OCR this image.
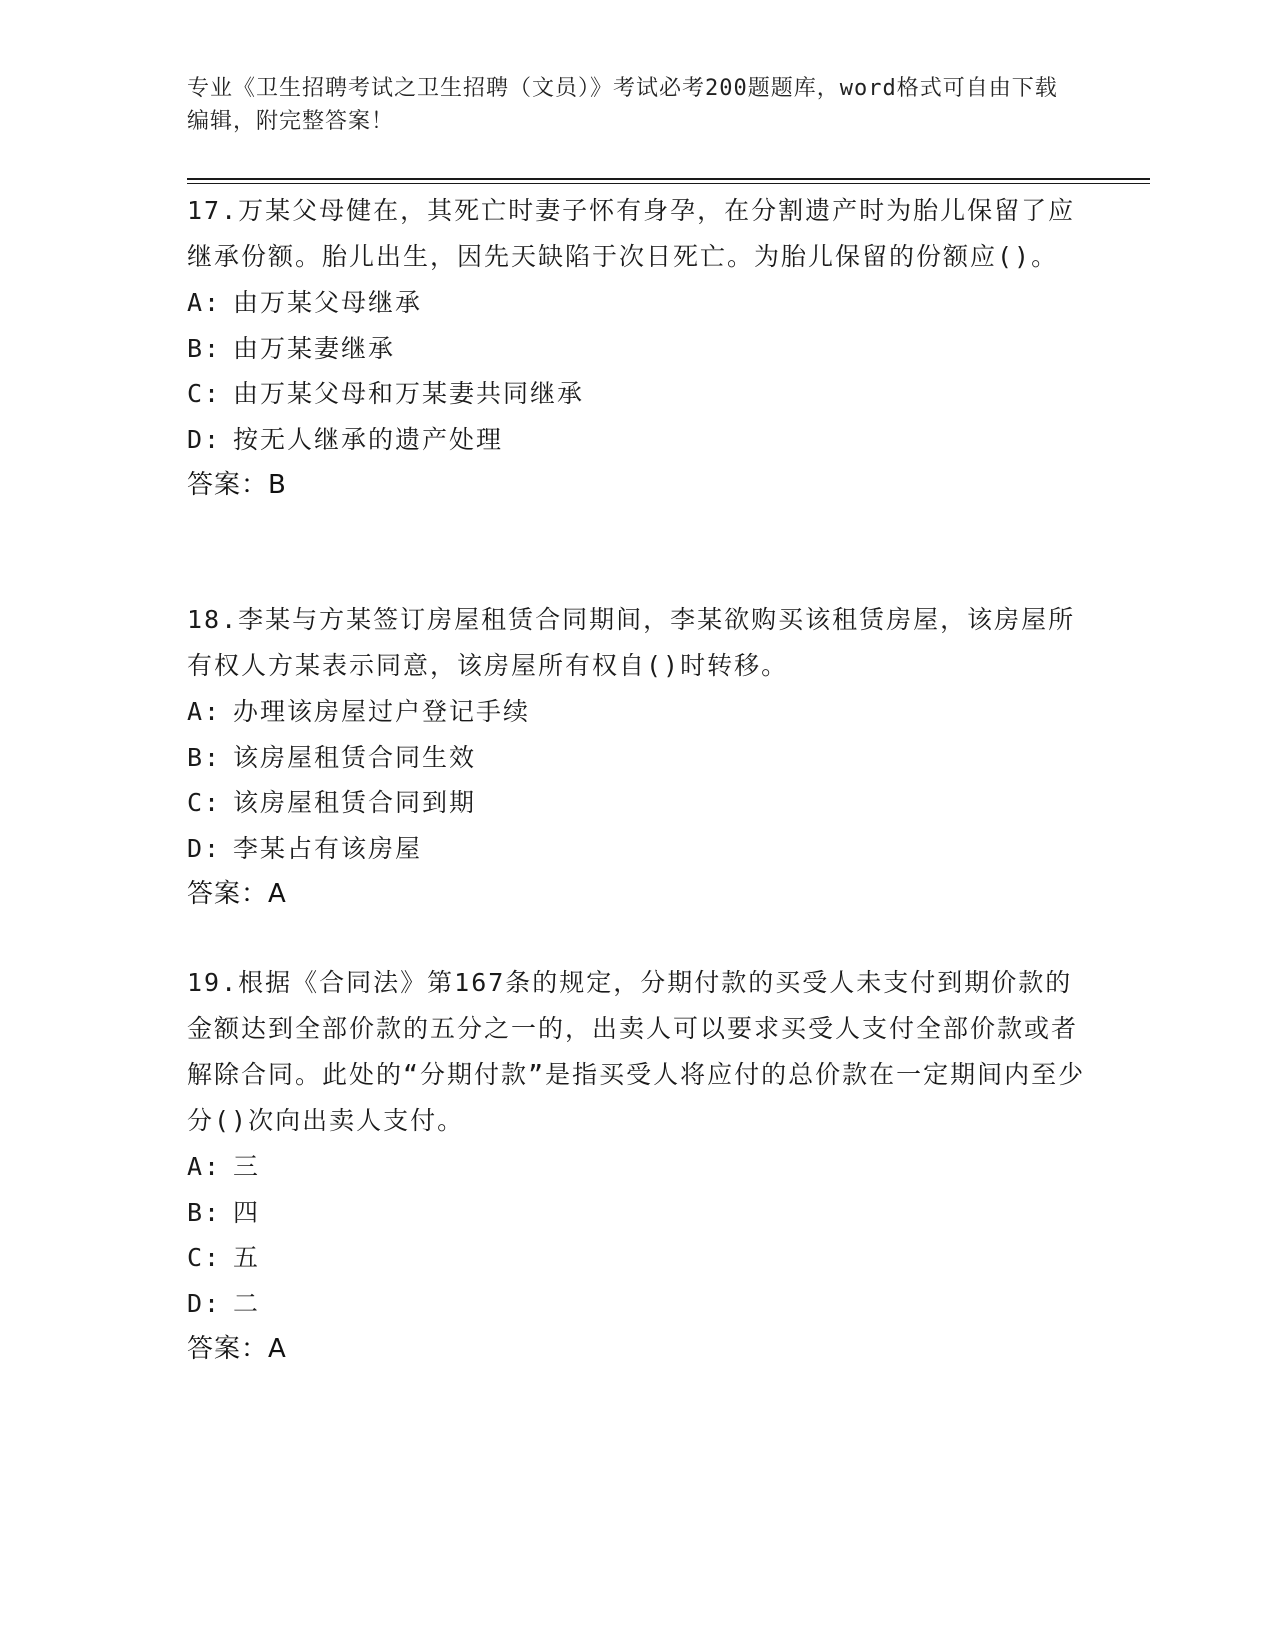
专业《卫生招聘考试之卫生招聘（文员）》考试必考200题题库，word格式可自由下载编辑，附完整答案！

17.万某父母健在，其死亡时妻子怀有身孕，在分割遗产时为胎儿保留了应继承份额。胎儿出生，因先天缺陷于次日死亡。为胎儿保留的份额应()。

A: 由万某父母继承

B: 由万某妻继承

C: 由万某父母和万某妻共同继承

D: 按无人继承的遗产处理

答案：B

18.李某与方某签订房屋租赁合同期间，李某欲购买该租赁房屋，该房屋所有权人方某表示同意，该房屋所有权自()时转移。

A: 办理该房屋过户登记手续

B: 该房屋租赁合同生效

C: 该房屋租赁合同到期

D: 李某占有该房屋

答案：A

19.根据《合同法》第167条的规定，分期付款的买受人未支付到期价款的金额达到全部价款的五分之一的，出卖人可以要求买受人支付全部价款或者解除合同。此处的“分期付款”是指买受人将应付的总价款在一定期间内至少分()次向出卖人支付。

A: 三

B: 四

C: 五

D: 二

答案：A
